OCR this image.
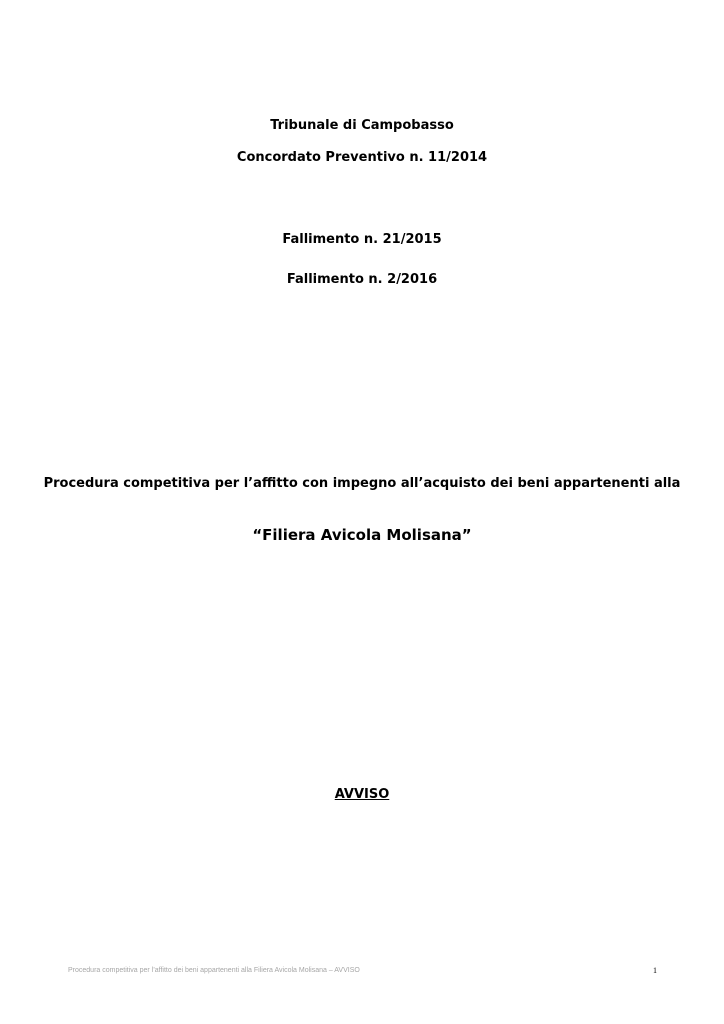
Tribunale di Campobasso
Concordato Preventivo n. 11/2014
Fallimento n. 21/2015
Fallimento n. 2/2016
Procedura competitiva per l’affitto con impegno all’acquisto dei beni appartenenti alla
“Filiera Avicola Molisana”
AVVISO
Procedura competitiva per l’affitto dei beni appartenenti alla Filiera Avicola Molisana – AVVISO	1
